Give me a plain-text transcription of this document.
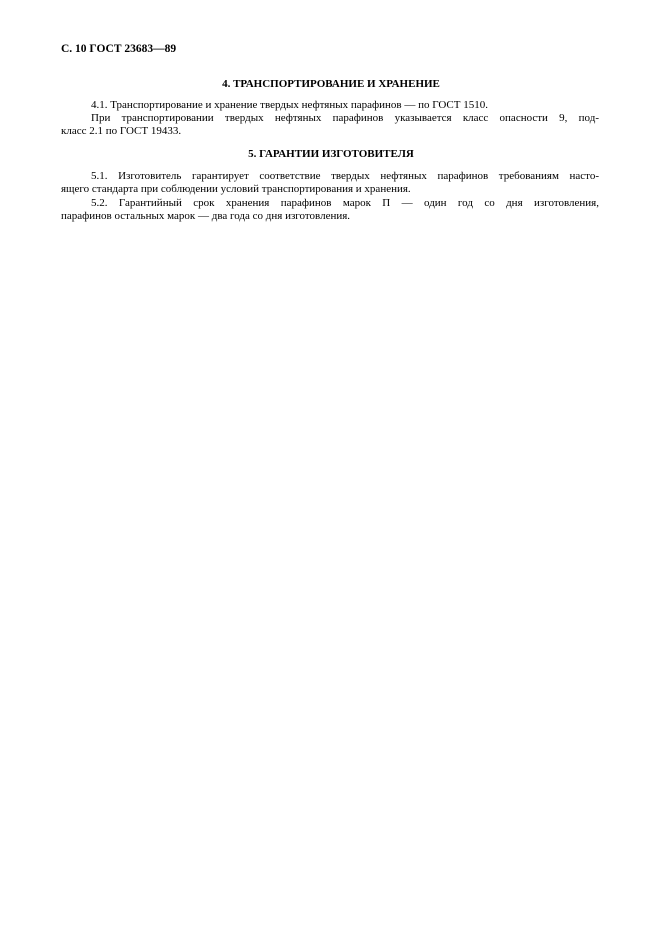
С. 10 ГОСТ 23683—89
4. ТРАНСПОРТИРОВАНИЕ И ХРАНЕНИЕ
4.1. Транспортирование и хранение твердых нефтяных парафинов — по ГОСТ 1510.
При транспортировании твердых нефтяных парафинов указывается класс опасности 9, под-
класс 2.1 по ГОСТ 19433.
5. ГАРАНТИИ ИЗГОТОВИТЕЛЯ
5.1. Изготовитель гарантирует соответствие твердых нефтяных парафинов требованиям насто-
ящего стандарта при соблюдении условий транспортирования и хранения.
5.2. Гарантийный срок хранения парафинов марок П — один год со дня изготовления,
парафинов остальных марок — два года со дня изготовления.
